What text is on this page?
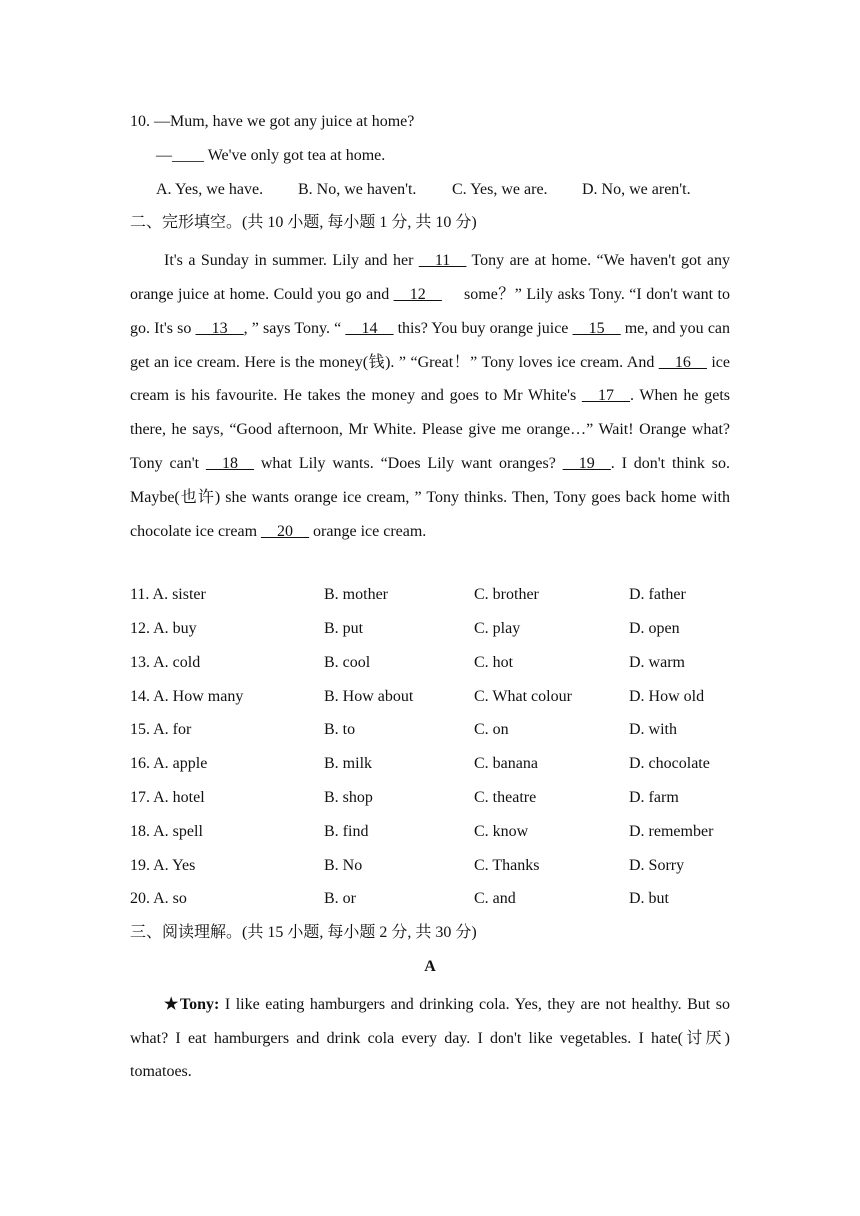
10. —Mum, have we got any juice at home?
—____ We've only got tea at home.
A. Yes, we have. B. No, we haven't. C. Yes, we are. D. No, we aren't.
二、完形填空。(共 10 小题, 每小题 1 分, 共 10 分)

It's a Sunday in summer. Lily and her __11__ Tony are at home. “We haven't got any orange juice at home. Could you go and __12__     some？” Lily asks Tony. “I don't want to go. It's so __13__, ” says Tony. “ __14__ this? You buy orange juice __15__ me, and you can get an ice cream. Here is the money(钱). ” “Great！” Tony loves ice cream. And __16__ ice cream is his favourite. He takes the money and goes to Mr White's __17__. When he gets there, he says, “Good afternoon, Mr White. Please give me orange…” Wait! Orange what? Tony can't __18__ what Lily wants. “Does Lily want oranges? __19__. I don't think so. Maybe(也许) she wants orange ice cream, ” Tony thinks. Then, Tony goes back home with chocolate ice cream __20__ orange ice cream.

11. A. sister	B. mother	C. brother	D. father
12. A. buy	B. put	C. play	D. open
13. A. cold	B. cool	C. hot	D. warm
14. A. How many	B. How about	C. What colour	D. How old
15. A. for	B. to	C. on	D. with
16. A. apple	B. milk	C. banana	D. chocolate
17. A. hotel	B. shop	C. theatre	D. farm
18. A. spell	B. find	C. know	D. remember
19. A. Yes	B. No	C. Thanks	D. Sorry
20. A. so	B. or	C. and	D. but
三、阅读理解。(共 15 小题, 每小题 2 分, 共 30 分)
A

★Tony: I like eating hamburgers and drinking cola. Yes, they are not healthy. But so what? I eat hamburgers and drink cola every day. I don't like vegetables. I hate(讨厌) tomatoes.
